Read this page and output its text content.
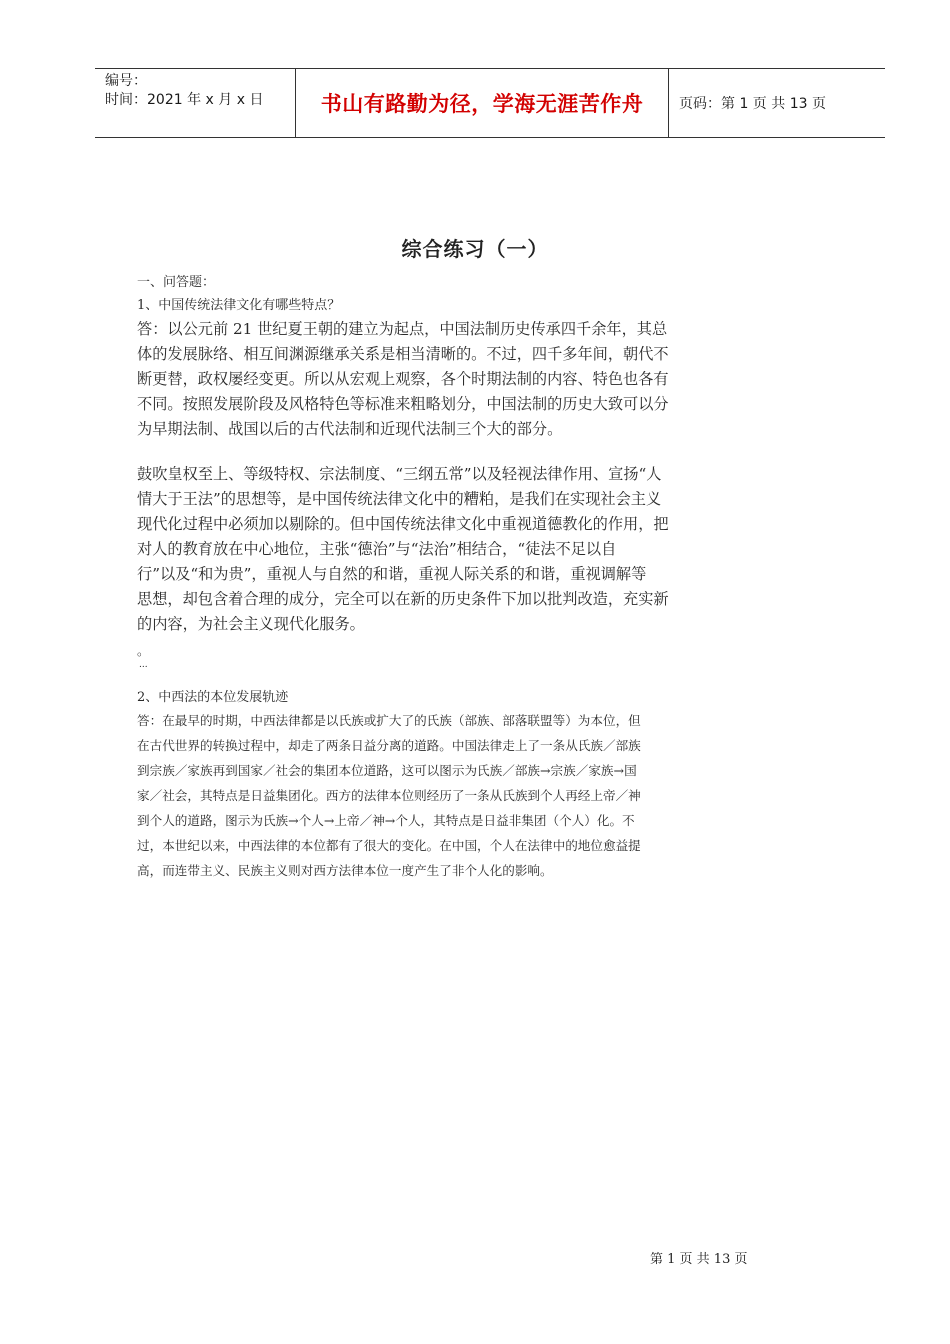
编号：
时间：2021 年 x 月 x 日	书山有路勤为径，学海无涯苦作舟	页码：第 1 页 共 13 页
综合练习（一）
一、问答题：
1、中国传统法律文化有哪些特点？
答：以公元前 21 世纪夏王朝的建立为起点，中国法制历史传承四千余年，其总
体的发展脉络、相互间渊源继承关系是相当清晰的。不过，四千多年间，朝代不
断更替，政权屡经变更。所以从宏观上观察，各个时期法制的内容、特色也各有
不同。按照发展阶段及风格特色等标准来粗略划分，中国法制的历史大致可以分
为早期法制、战国以后的古代法制和近现代法制三个大的部分。
鼓吹皇权至上、等级特权、宗法制度、“三纲五常”以及轻视法律作用、宣扬“人
情大于王法”的思想等，是中国传统法律文化中的糟粕，是我们在实现社会主义
现代化过程中必须加以剔除的。但中国传统法律文化中重视道德教化的作用，把
对人的教育放在中心地位，主张“德治”与“法治”相结合，“徒法不足以自
行”以及“和为贵”，重视人与自然的和谐，重视人际关系的和谐，重视调解等
思想，却包含着合理的成分，完全可以在新的历史条件下加以批判改造，充实新
的内容，为社会主义现代化服务。
。
...
2、中西法的本位发展轨迹
答：在最早的时期，中西法律都是以氏族或扩大了的氏族（部族、部落联盟等）为本位，但
在古代世界的转换过程中，却走了两条日益分离的道路。中国法律走上了一条从氏族／部族
到宗族／家族再到国家／社会的集团本位道路，这可以图示为氏族／部族→宗族／家族→国
家／社会，其特点是日益集团化。西方的法律本位则经历了一条从氏族到个人再经上帝／神
到个人的道路，图示为氏族→个人→上帝／神→个人，其特点是日益非集团（个人）化。不
过，本世纪以来，中西法律的本位都有了很大的变化。在中国，个人在法律中的地位愈益提
高，而连带主义、民族主义则对西方法律本位一度产生了非个人化的影响。
第 1 页 共 13 页
